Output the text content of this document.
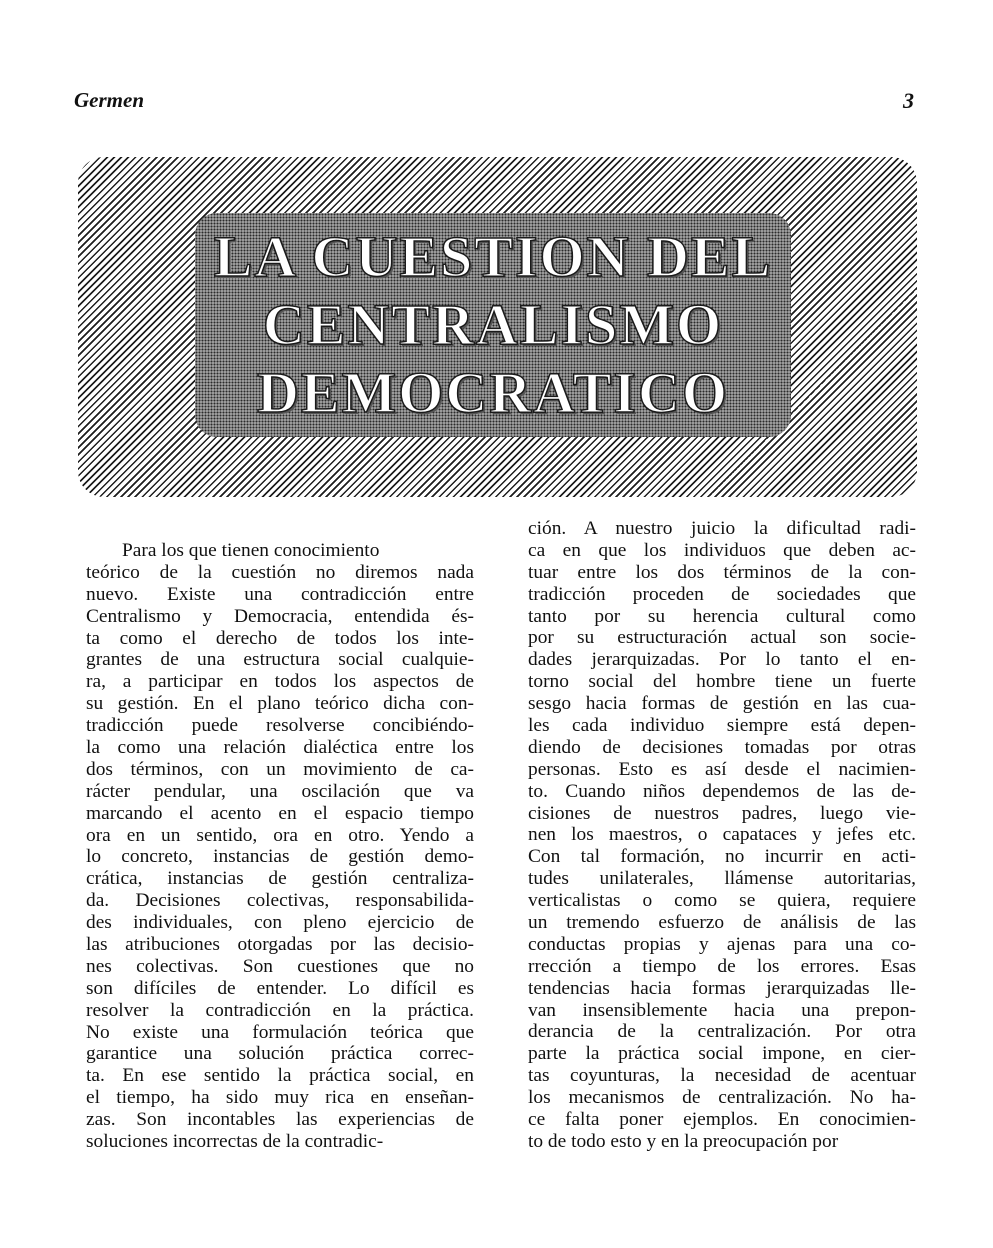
Germen	3
LA CUESTION DEL
CENTRALISMO
DEMOCRATICO
Para los que tienen conocimiento
teórico de la cuestión no diremos nada
nuevo. Existe una contradicción entre
Centralismo y Democracia, entendida és-
ta como el derecho de todos los inte-
grantes de una estructura social cualquie-
ra, a participar en todos los aspectos de
su gestión. En el plano teórico dicha con-
tradicción puede resolverse concibiéndo-
la como una relación dialéctica entre los
dos términos, con un movimiento de ca-
rácter pendular, una oscilación que va
marcando el acento en el espacio tiempo
ora en un sentido, ora en otro. Yendo a
lo concreto, instancias de gestión demo-
crática, instancias de gestión centraliza-
da. Decisiones colectivas, responsabilida-
des individuales, con pleno ejercicio de
las atribuciones otorgadas por las decisio-
nes colectivas. Son cuestiones que no
son difíciles de entender. Lo difícil es
resolver la contradicción en la práctica.
No existe una formulación teórica que
garantice una solución práctica correc-
ta. En ese sentido la práctica social, en
el tiempo, ha sido muy rica en enseñan-
zas. Son incontables las experiencias de
soluciones incorrectas de la contradic-
ción. A nuestro juicio la dificultad radi-
ca en que los individuos que deben ac-
tuar entre los dos términos de la con-
tradicción proceden de sociedades que
tanto por su herencia cultural como
por su estructuración actual son socie-
dades jerarquizadas. Por lo tanto el en-
torno social del hombre tiene un fuerte
sesgo hacia formas de gestión en las cua-
les cada individuo siempre está depen-
diendo de decisiones tomadas por otras
personas. Esto es así desde el nacimien-
to. Cuando niños dependemos de las de-
cisiones de nuestros padres, luego vie-
nen los maestros, o capataces y jefes etc.
Con tal formación, no incurrir en acti-
tudes unilaterales, llámense autoritarias,
verticalistas o como se quiera, requiere
un tremendo esfuerzo de análisis de las
conductas propias y ajenas para una co-
rrección a tiempo de los errores. Esas
tendencias hacia formas jerarquizadas lle-
van insensiblemente hacia una prepon-
derancia de la centralización. Por otra
parte la práctica social impone, en cier-
tas coyunturas, la necesidad de acentuar
los mecanismos de centralización. No ha-
ce falta poner ejemplos. En conocimien-
to de todo esto y en la preocupación por
